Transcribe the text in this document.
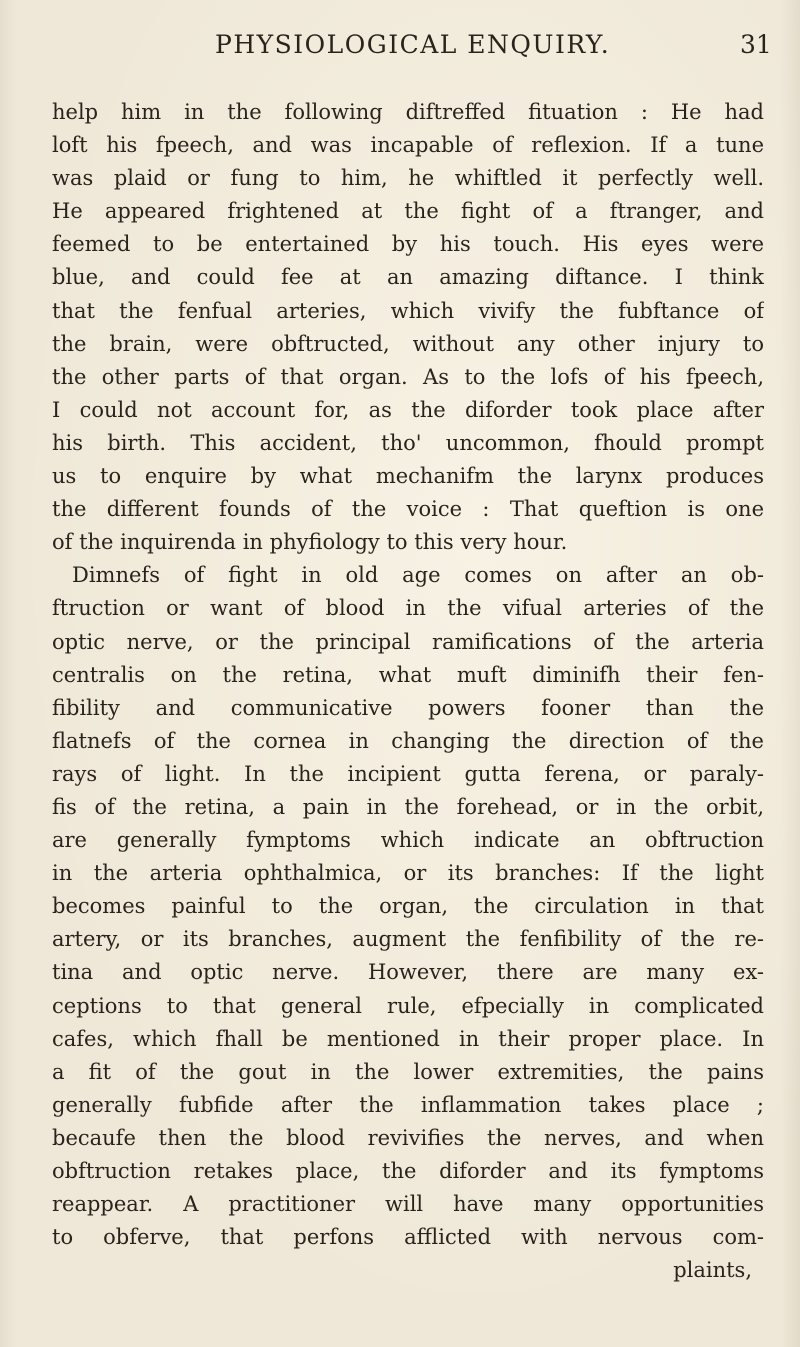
PHYSIOLOGICAL ENQUIRY.	31
help him in the following diftreffed fituation : He had
loft his fpeech, and was incapable of reflexion. If a tune
was plaid or fung to him, he whiftled it perfectly well.
He appeared frightened at the fight of a ftranger, and
feemed to be entertained by his touch. His eyes were
blue, and could fee at an amazing diftance. I think
that the fenfual arteries, which vivify the fubftance of
the brain, were obftructed, without any other injury to
the other parts of that organ. As to the lofs of his fpeech,
I could not account for, as the diforder took place after
his birth. This accident, tho' uncommon, fhould prompt
us to enquire by what mechanifm the larynx produces
the different founds of the voice : That queftion is one
of the inquirenda in phyfiology to this very hour.
Dimnefs of fight in old age comes on after an ob-
ftruction or want of blood in the vifual arteries of the
optic nerve, or the principal ramifications of the arteria
centralis on the retina, what muft diminifh their fen-
fibility and communicative powers fooner than the
flatnefs of the cornea in changing the direction of the
rays of light. In the incipient gutta ferena, or paraly-
fis of the retina, a pain in the forehead, or in the orbit,
are generally fymptoms which indicate an obftruction
in the arteria ophthalmica, or its branches: If the light
becomes painful to the organ, the circulation in that
artery, or its branches, augment the fenfibility of the re-
tina and optic nerve. However, there are many ex-
ceptions to that general rule, efpecially in complicated
cafes, which fhall be mentioned in their proper place. In
a fit of the gout in the lower extremities, the pains
generally fubfide after the inflammation takes place ;
becaufe then the blood revivifies the nerves, and when
obftruction retakes place, the diforder and its fymptoms
reappear. A practitioner will have many opportunities
to obferve, that perfons afflicted with nervous com-
plaints,
